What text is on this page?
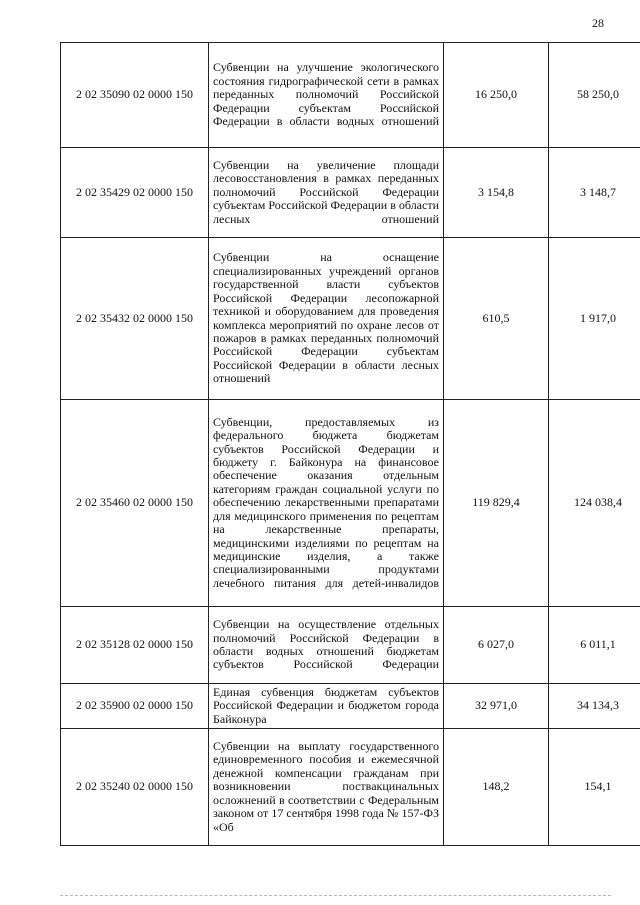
28
2 02 35090 02 0000 150	Субвенции на улучшение экологического состояния гидрографической сети в рамках переданных полномочий Российской Федерации субъектам Российской Федерации в области водных отношений	16 250,0	58 250,0
2 02 35429 02 0000 150	Субвенции на увеличение площади лесовосстановления в рамках переданных полномочий Российской Федерации субъектам Российской Федерации в области лесных отношений	3 154,8	3 148,7
2 02 35432 02 0000 150	Субвенции на оснащение специализированных учреждений органов государственной власти субъектов Российской Федерации лесопожарной техникой и оборудованием для проведения комплекса мероприятий по охране лесов от пожаров в рамках переданных полномочий Российской Федерации субъектам Российской Федерации в области лесных отношений	610,5	1 917,0
2 02 35460 02 0000 150	Субвенции, предоставляемых из федерального бюджета бюджетам субъектов Российской Федерации и бюджету г. Байконура на финансовое обеспечение оказания отдельным категориям граждан социальной услуги по обеспечению лекарственными препаратами для медицинского применения по рецептам на лекарственные препараты, медицинскими изделиями по рецептам на медицинские изделия, а также специализированными продуктами лечебного питания для детей-инвалидов	119 829,4	124 038,4
2 02 35128 02 0000 150	Субвенции на осуществление отдельных полномочий Российской Федерации в области водных отношений бюджетам субъектов Российской Федерации	6 027,0	6 011,1
2 02 35900 02 0000 150	Единая субвенция бюджетам субъектов Российской Федерации и бюджетом города Байконура	32 971,0	34 134,3
2 02 35240 02 0000 150	Субвенции на выплату государственного единовременного пособия и ежемесячной денежной компенсации гражданам при возникновении поствакцинальных осложнений в соответствии с Федеральным законом от 17 сентября 1998 года № 157-ФЗ «Об	148,2	154,1
